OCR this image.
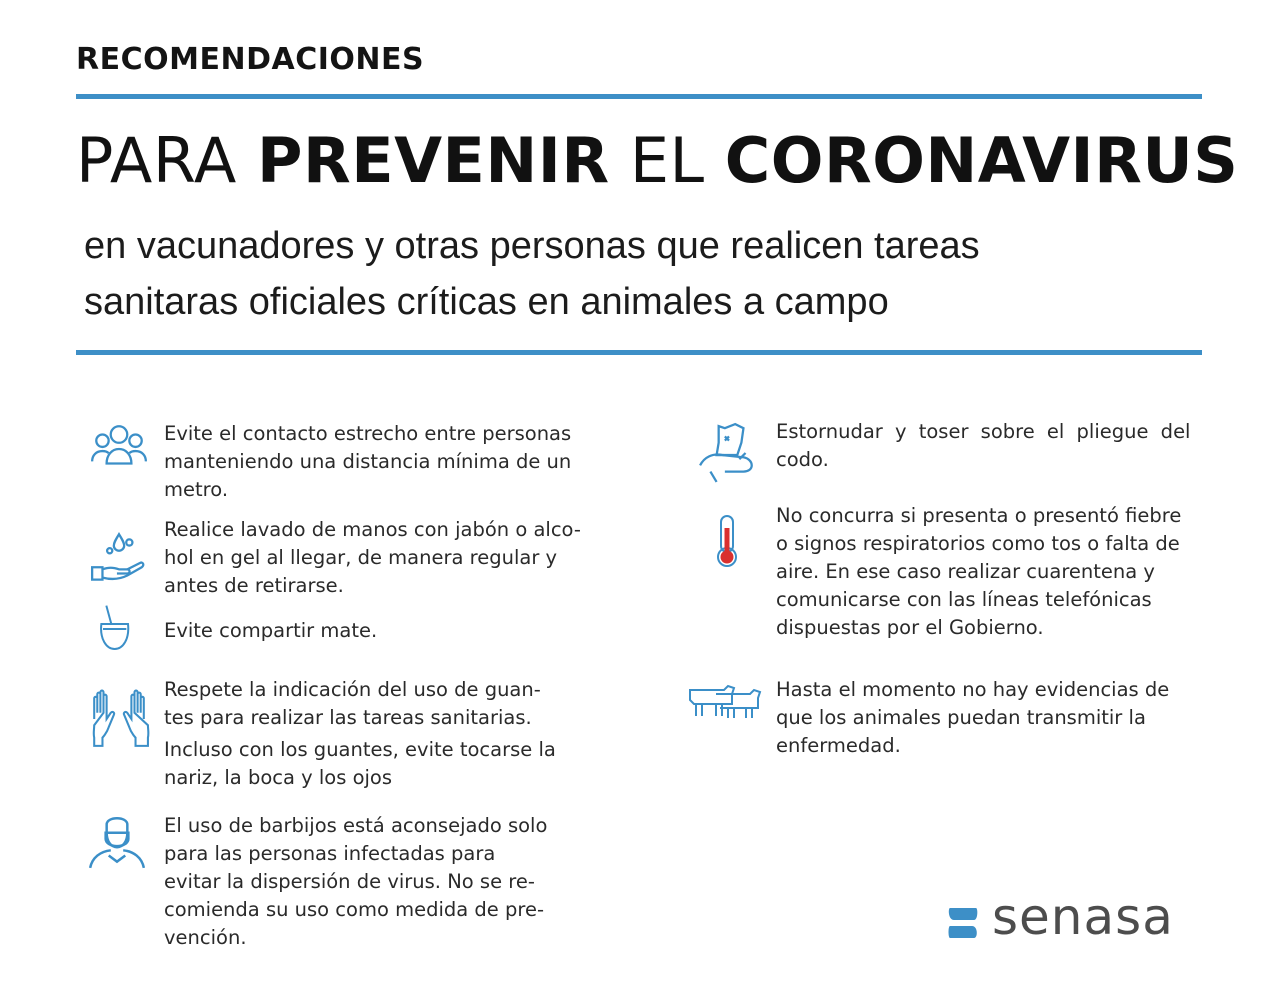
RECOMENDACIONES
PARA PREVENIR EL CORONAVIRUS
en vacunadores y otras personas que realicen tareas
sanitaras oficiales críticas en animales a campo
Evite el contacto estrecho entre personas
manteniendo una distancia mínima de un
metro.
Realice lavado de manos con jabón o alco-
hol en gel al llegar, de manera regular y
antes de retirarse.
Evite compartir mate.
Respete la indicación del uso de guan-
tes para realizar las tareas sanitarias.
Incluso con los guantes, evite tocarse la
nariz, la boca y los ojos
El uso de barbijos está aconsejado solo
para las personas infectadas para
evitar la dispersión de virus. No se re-
comienda su uso como medida de pre-
vención.
Estornudar y toser sobre el pliegue del
codo.
No concurra si presenta o presentó fiebre
o signos respiratorios como tos o falta de
aire. En ese caso realizar cuarentena y
comunicarse con las líneas telefónicas
dispuestas por el Gobierno.
Hasta el momento no hay evidencias de
que los animales puedan transmitir la
enfermedad.
senasa
